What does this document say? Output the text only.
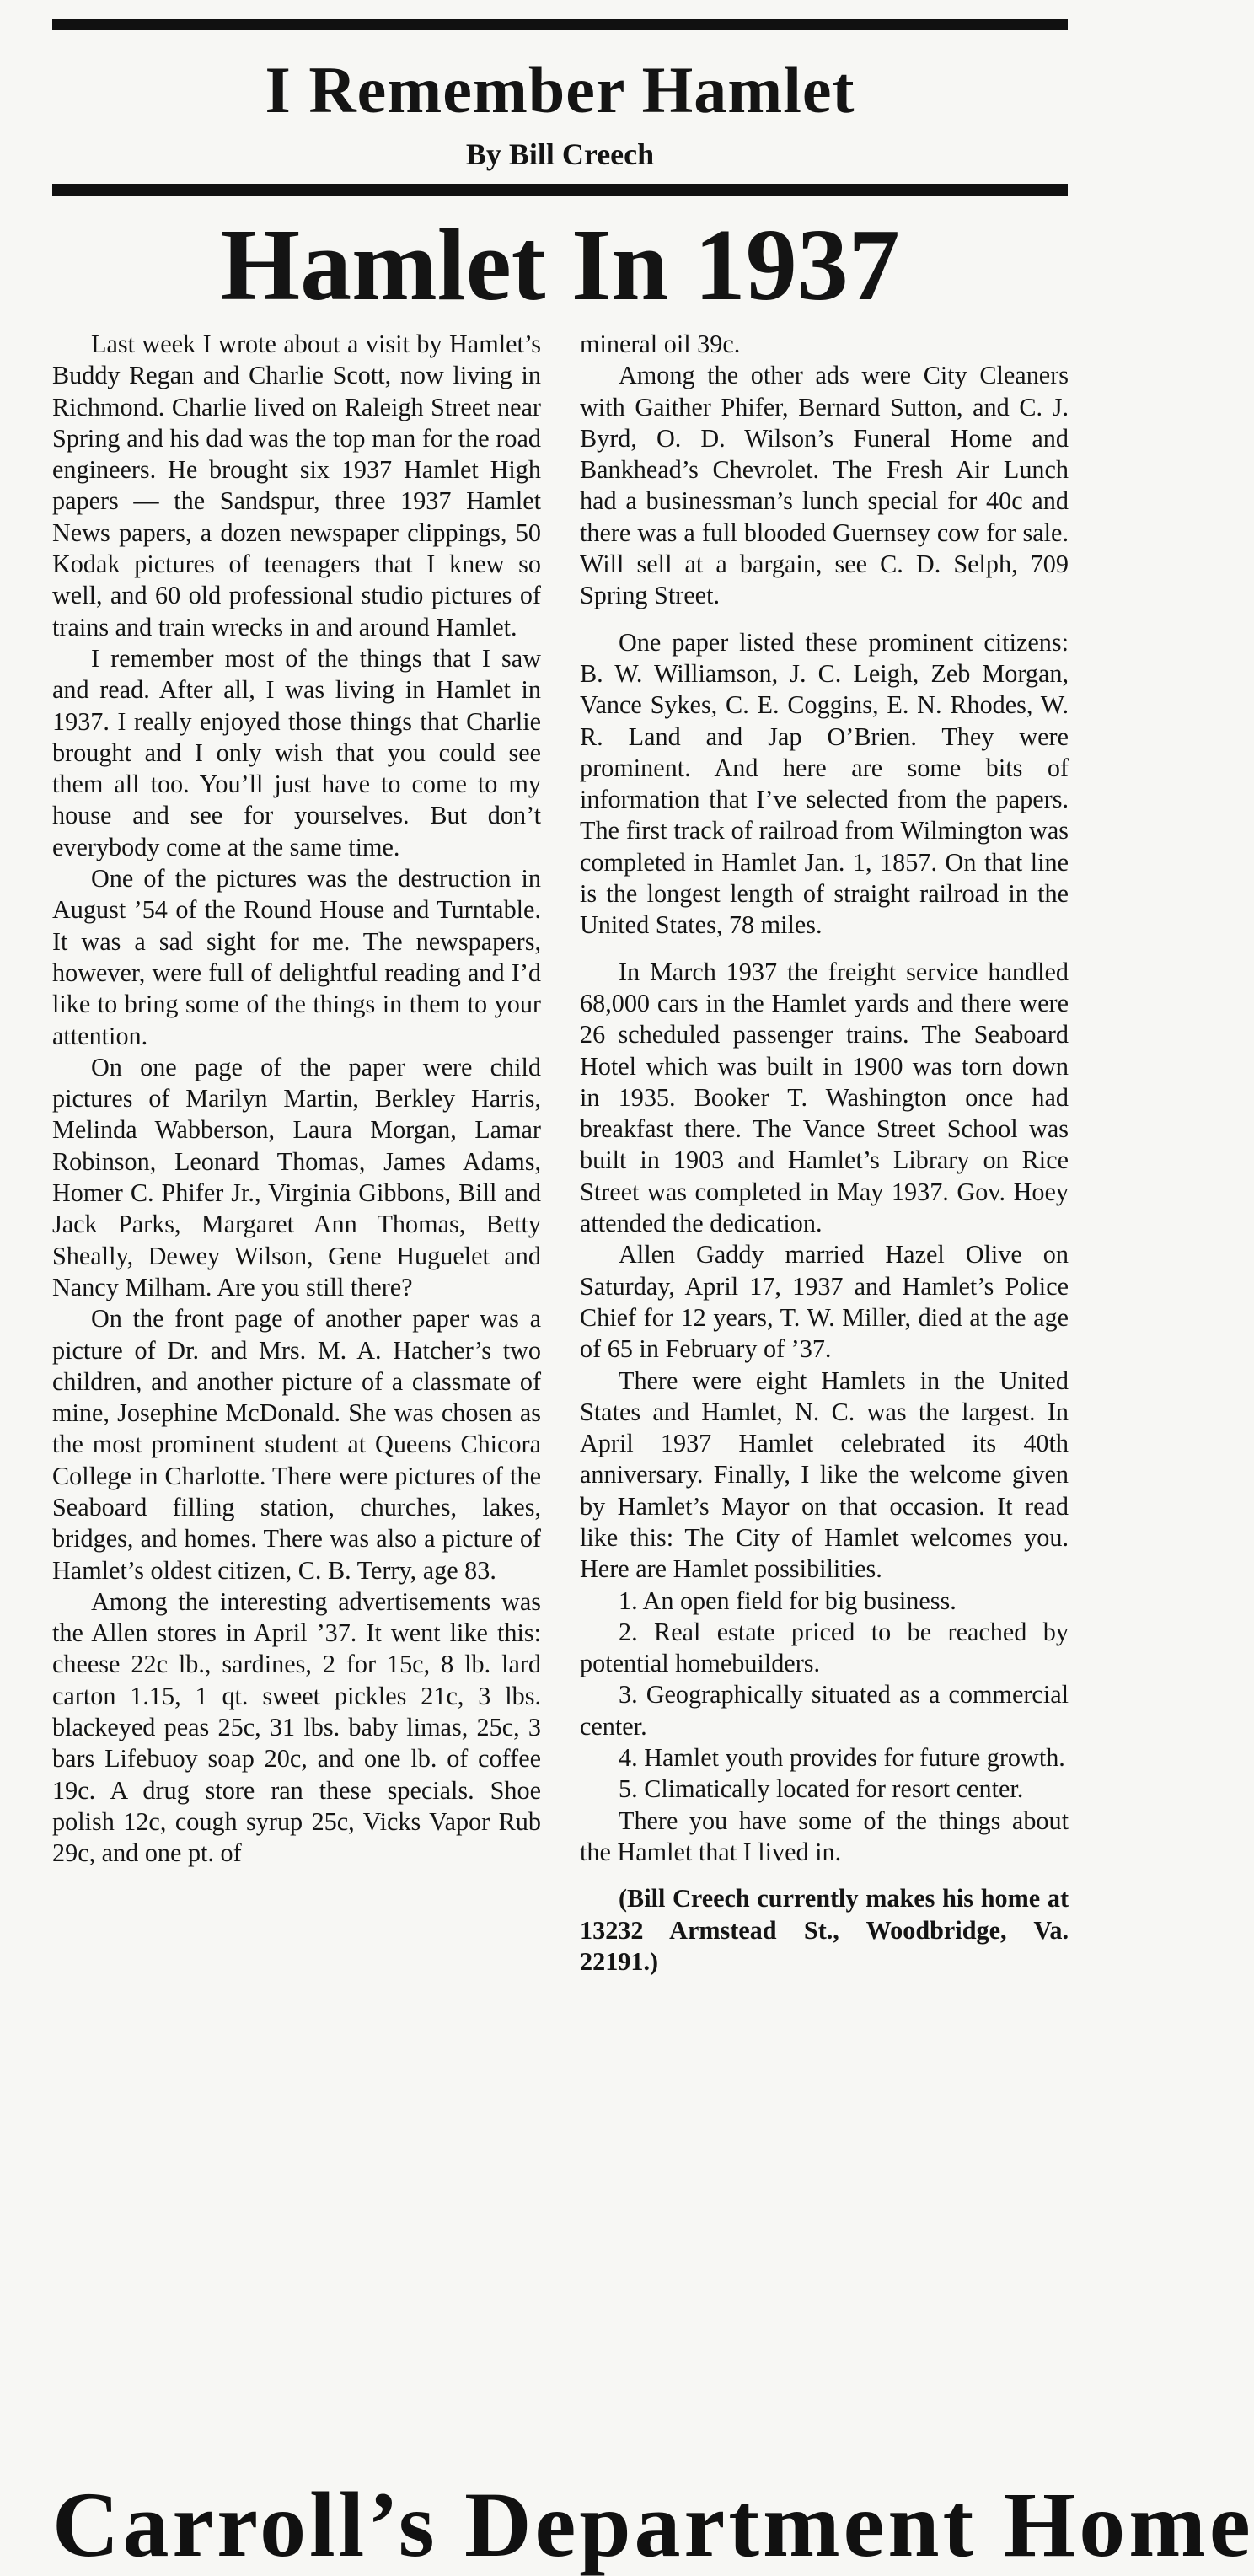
I Remember Hamlet
By Bill Creech
Hamlet In 1937

Last week I wrote about a visit by Hamlet’s Buddy Regan and Charlie Scott, now living in Richmond. Charlie lived on Raleigh Street near Spring and his dad was the top man for the road engineers. He brought six 1937 Hamlet High papers — the Sandspur, three 1937 Hamlet News papers, a dozen newspaper clippings, 50 Kodak pictures of teenagers that I knew so well, and 60 old professional studio pictures of trains and train wrecks in and around Hamlet.

I remember most of the things that I saw and read. After all, I was living in Hamlet in 1937. I really enjoyed those things that Charlie brought and I only wish that you could see them all too. You’ll just have to come to my house and see for yourselves. But don’t everybody come at the same time.

One of the pictures was the destruction in August ’54 of the Round House and Turntable. It was a sad sight for me. The newspapers, however, were full of delightful reading and I’d like to bring some of the things in them to your attention.

On one page of the paper were child pictures of Marilyn Martin, Berkley Harris, Melinda Wabberson, Laura Morgan, Lamar Robinson, Leonard Thomas, James Adams, Homer C. Phifer Jr., Virginia Gibbons, Bill and Jack Parks, Margaret Ann Thomas, Betty Sheally, Dewey Wilson, Gene Huguelet and Nancy Milham. Are you still there?

On the front page of another paper was a picture of Dr. and Mrs. M. A. Hatcher’s two children, and another picture of a classmate of mine, Josephine McDonald. She was chosen as the most prominent student at Queens Chicora College in Charlotte. There were pictures of the Seaboard filling station, churches, lakes, bridges, and homes. There was also a picture of Hamlet’s oldest citizen, C. B. Terry, age 83.

Among the interesting advertisements was the Allen stores in April ’37. It went like this: cheese 22c lb., sardines, 2 for 15c, 8 lb. lard carton 1.15, 1 qt. sweet pickles 21c, 3 lbs. blackeyed peas 25c, 31 lbs. baby limas, 25c, 3 bars Lifebuoy soap 20c, and one lb. of coffee 19c. A drug store ran these specials. Shoe polish 12c, cough syrup 25c, Vicks Vapor Rub 29c, and one pt. of

mineral oil 39c.

Among the other ads were City Cleaners with Gaither Phifer, Bernard Sutton, and C. J. Byrd, O. D. Wilson’s Funeral Home and Bankhead’s Chevrolet. The Fresh Air Lunch had a businessman’s lunch special for 40c and there was a full blooded Guernsey cow for sale. Will sell at a bargain, see C. D. Selph, 709 Spring Street.

One paper listed these prominent citizens: B. W. Williamson, J. C. Leigh, Zeb Morgan, Vance Sykes, C. E. Coggins, E. N. Rhodes, W. R. Land and Jap O’Brien. They were prominent. And here are some bits of information that I’ve selected from the papers. The first track of railroad from Wilmington was completed in Hamlet Jan. 1, 1857. On that line is the longest length of straight railroad in the United States, 78 miles.

In March 1937 the freight service handled 68,000 cars in the Hamlet yards and there were 26 scheduled passenger trains. The Seaboard Hotel which was built in 1900 was torn down in 1935. Booker T. Washington once had breakfast there. The Vance Street School was built in 1903 and Hamlet’s Library on Rice Street was completed in May 1937. Gov. Hoey attended the dedication.

Allen Gaddy married Hazel Olive on Saturday, April 17, 1937 and Hamlet’s Police Chief for 12 years, T. W. Miller, died at the age of 65 in February of ’37.

There were eight Hamlets in the United States and Hamlet, N. C. was the largest. In April 1937 Hamlet celebrated its 40th anniversary. Finally, I like the welcome given by Hamlet’s Mayor on that occasion. It read like this: The City of Hamlet welcomes you. Here are Hamlet possibilities.

1. An open field for big business.

2. Real estate priced to be reached by potential homebuilders.

3. Geographically situated as a commercial center.

4. Hamlet youth provides for future growth.

5. Climatically located for resort center.

There you have some of the things about the Hamlet that I lived in.

(Bill Creech currently makes his home at 13232 Armstead St., Woodbridge, Va. 22191.)

Carroll’s Department Home
